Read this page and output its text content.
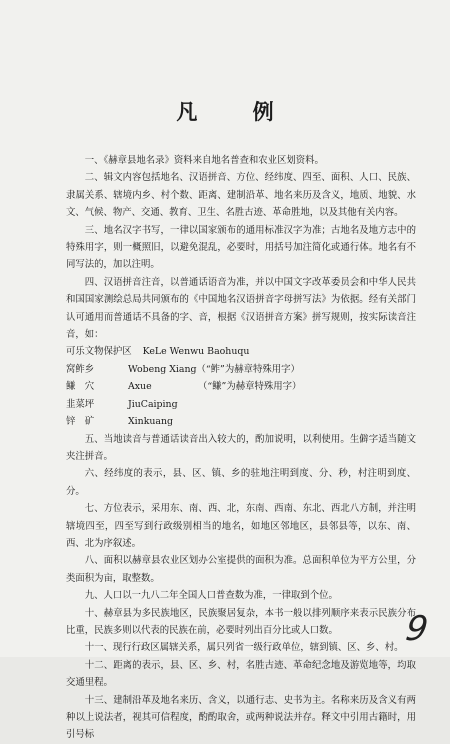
凡 例

一、《赫章县地名录》资料来自地名普查和农业区划资料。

二、辑文内容包括地名、汉语拼音、方位、经纬度、四至、面积、人口、民族、隶属关系、辖境内乡、村个数、距离、建制沿革、地名来历及含义，地质、地貌、水文、气候、物产、交通、教育、卫生、名胜古迹、革命胜地，以及其他有关内容。

三、地名汉字书写，一律以国家颁布的通用标准汉字为准；古地名及地方志中的特殊用字，则一概照旧，以避免混乱，必要时，用括号加注简化或通行体。地名有不同写法的，加以注明。

四、汉语拼音注音，以普通话语音为准，并以中国文字改革委员会和中华人民共和国国家测绘总局共同颁布的《中国地名汉语拼音字母拼写法》为依据。经有关部门认可通用而普通话不具备的字、音，根据《汉语拼音方案》拼写规则，按实际读音注音，如：

可乐文物保护区 KeLe Wenwu Baohuqu
窝鲊乡	Wobeng Xiang（“鲊”为赫章特殊用字）
鳒　穴	Axue	（“鳒”为赫章特殊用字）
韭菜坪	JiuCaiping
锌　矿	Xinkuang

五、当地读音与普通话读音出入较大的，酌加说明，以利使用。生僻字适当随文夹注拼音。

六、经纬度的表示，县、区、镇、乡的驻地注明到度、分、秒，村注明到度、分。

七、方位表示，采用东、南、西、北，东南、西南、东北、西北八方制，并注明辖境四至，四至写到行政级别相当的地名，如地区邻地区，县邻县等，以东、南、西、北为序叙述。

八、面积以赫章县农业区划办公室提供的面积为准。总面积单位为平方公里，分类面积为亩，取整数。

九、人口以一九八二年全国人口普查数为准，一律取到个位。

十、赫章县为多民族地区，民族聚居复杂，本书一般以排列顺序来表示民族分布比重，民族多则以代表的民族在前，必要时列出百分比或人口数。

十一、现行行政区属辖关系，属只列省一级行政单位，辖到镇、区、乡、村。

十二、距离的表示，县、区、乡、村，名胜古迹、革命纪念地及游览地等，均取交通里程。

十三、建制沿革及地名来历、含义，以通行志、史书为主。名称来历及含义有两种以上说法者，视其可信程度，酌酌取舍，或两种说法并存。释文中引用古籍时，用引号标

9
